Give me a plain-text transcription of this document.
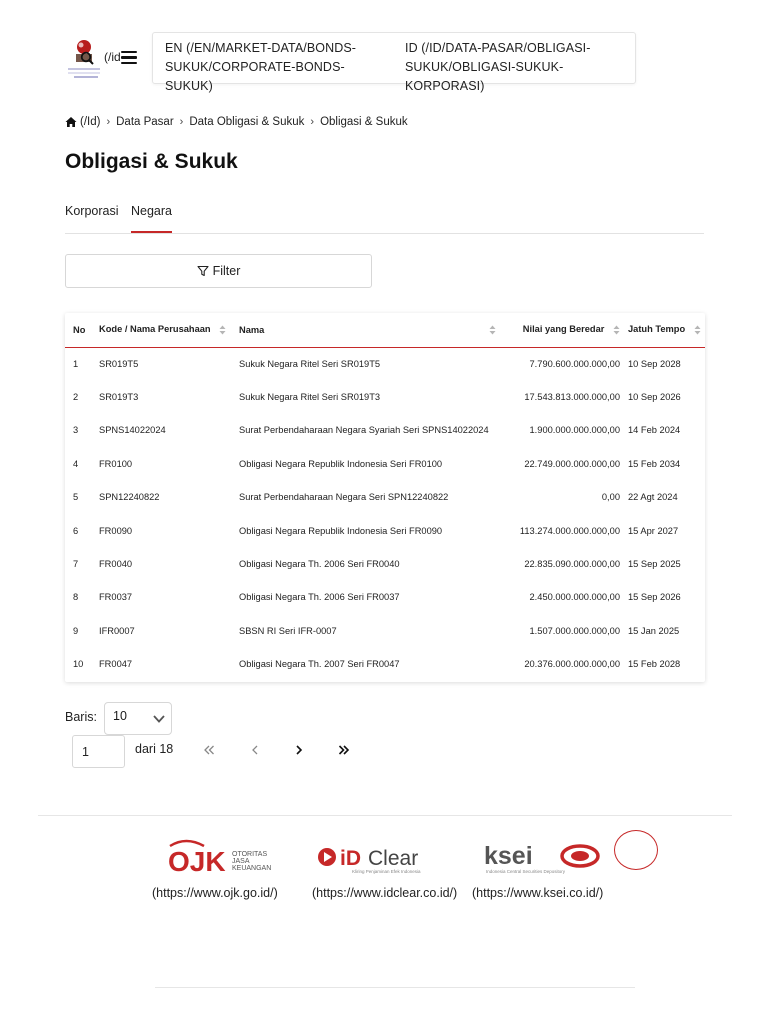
(/id
EN (/EN/MARKET-DATA/BONDS-SUKUK/CORPORATE-BONDS-SUKUK)
ID (/ID/DATA-PASAR/OBLIGASI-SUKUK/OBLIGASI-SUKUK-KORPORASI)
(/Id) › Data Pasar › Data Obligasi & Sukuk › Obligasi & Sukuk
Obligasi & Sukuk
Korporasi Negara
Filter
No	Kode / Nama Perusahaan	Nama	Nilai yang Beredar	Jatuh Tempo
1	SR019T5	Sukuk Negara Ritel Seri SR019T5	7.790.600.000.000,00	10 Sep 2028
2	SR019T3	Sukuk Negara Ritel Seri SR019T3	17.543.813.000.000,00	10 Sep 2026
3	SPNS14022024	Surat Perbendaharaan Negara Syariah Seri SPNS14022024	1.900.000.000.000,00	14 Feb 2024
4	FR0100	Obligasi Negara Republik Indonesia Seri FR0100	22.749.000.000.000,00	15 Feb 2034
5	SPN12240822	Surat Perbendaharaan Negara Seri SPN12240822	0,00	22 Agt 2024
6	FR0090	Obligasi Negara Republik Indonesia Seri FR0090	113.274.000.000.000,00	15 Apr 2027
7	FR0040	Obligasi Negara Th. 2006 Seri FR0040	22.835.090.000.000,00	15 Sep 2025
8	FR0037	Obligasi Negara Th. 2006 Seri FR0037	2.450.000.000.000,00	15 Sep 2026
9	IFR0007	SBSN RI Seri IFR-0007	1.507.000.000.000,00	15 Jan 2025
10	FR0047	Obligasi Negara Th. 2007 Seri FR0047	20.376.000.000.000,00	15 Feb 2028
Baris: 10
1
dari 18
OJK OTORITAS
JASA
KEUANGAN	iD Clear
Kliring Penjaminan Efek Indonesia
ksei
Indonesia Central Securities Depository
(https://www.ojk.go.id/)	(https://www.idclear.co.id/) (https://www.ksei.co.id/)
